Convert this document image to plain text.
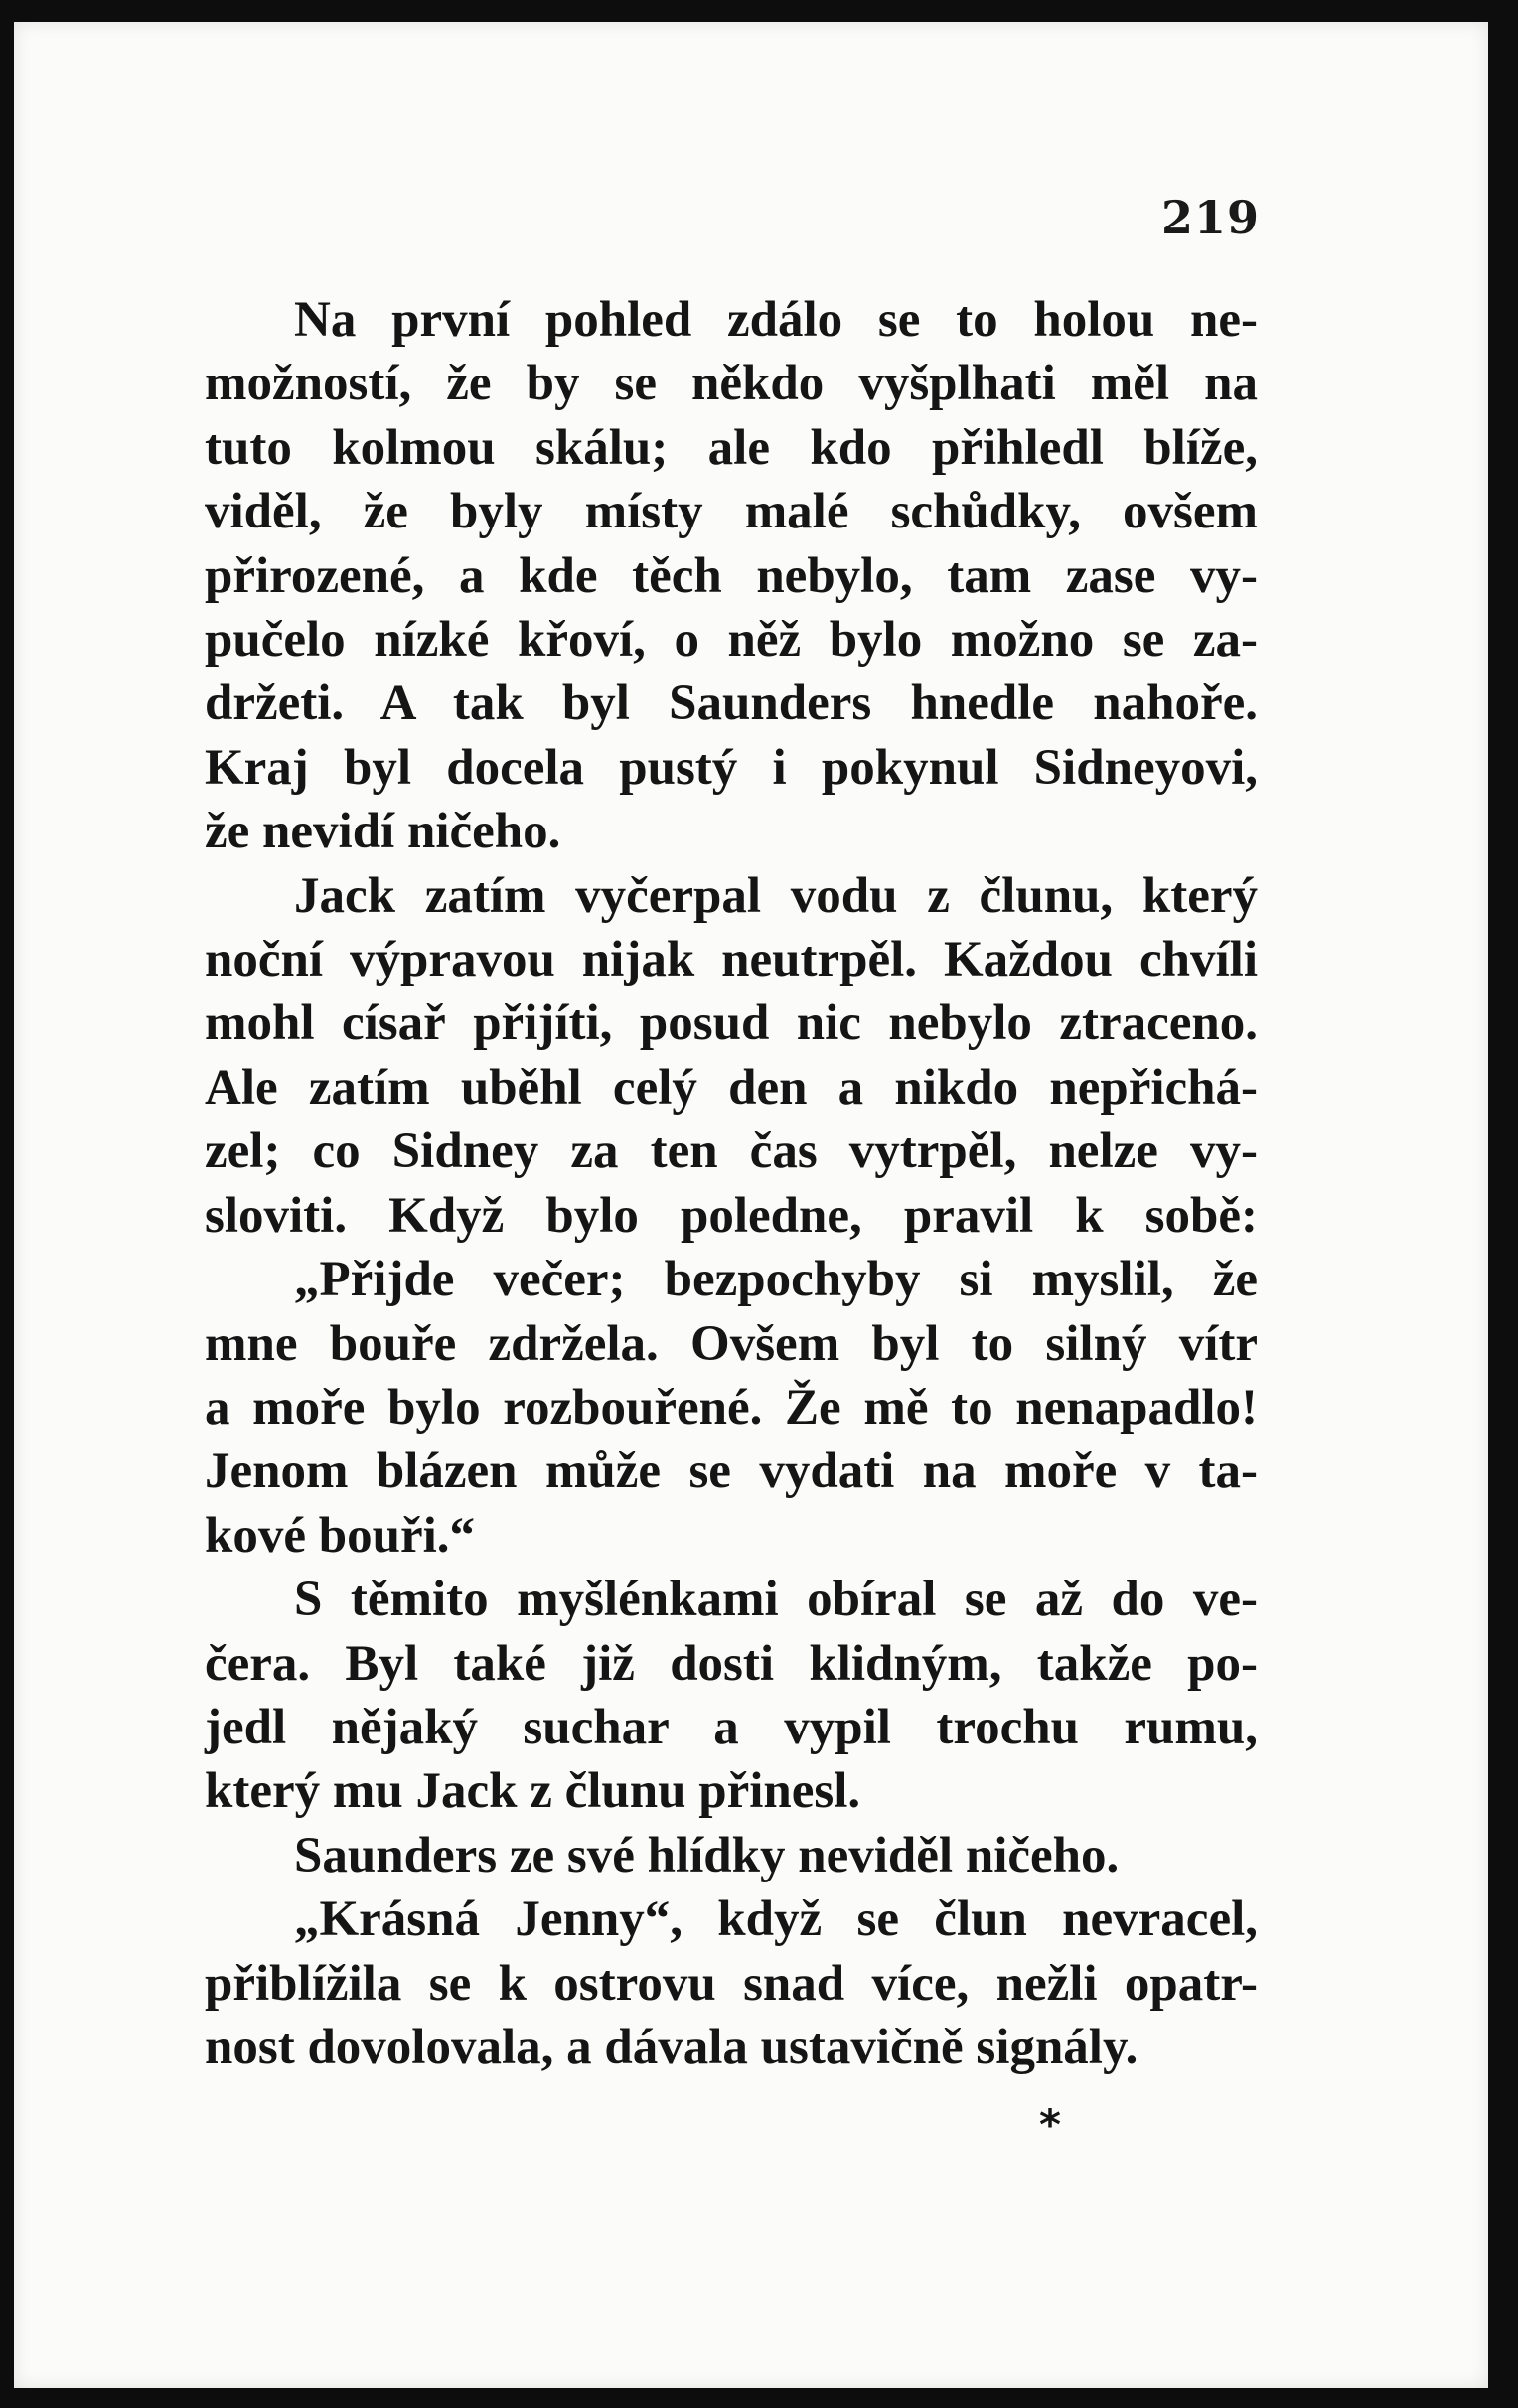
219
Na první pohled zdálo se to holou ne-
možností, že by se někdo vyšplhati měl na
tuto kolmou skálu; ale kdo přihledl blíže,
viděl, že byly místy malé schůdky, ovšem
přirozené, a kde těch nebylo, tam zase vy-
pučelo nízké křoví, o něž bylo možno se za-
držeti. A tak byl Saunders hnedle nahoře.
Kraj byl docela pustý i pokynul Sidneyovi,
že nevidí ničeho.
Jack zatím vyčerpal vodu z člunu, který
noční výpravou nijak neutrpěl. Každou chvíli
mohl císař přijíti, posud nic nebylo ztraceno.
Ale zatím uběhl celý den a nikdo nepřichá-
zel; co Sidney za ten čas vytrpěl, nelze vy-
sloviti. Když bylo poledne, pravil k sobě:
„Přijde večer; bezpochyby si myslil, že
mne bouře zdržela. Ovšem byl to silný vítr
a moře bylo rozbouřené. Že mě to nenapadlo!
Jenom blázen může se vydati na moře v ta-
kové bouři.“
S těmito myšlénkami obíral se až do ve-
čera. Byl také již dosti klidným, takže po-
jedl nějaký suchar a vypil trochu rumu,
který mu Jack z člunu přinesl.
Saunders ze své hlídky neviděl ničeho.
„Krásná Jenny“, když se člun nevracel,
přiblížila se k ostrovu snad více, nežli opatr-
nost dovolovala, a dávala ustavičně signály.
*
